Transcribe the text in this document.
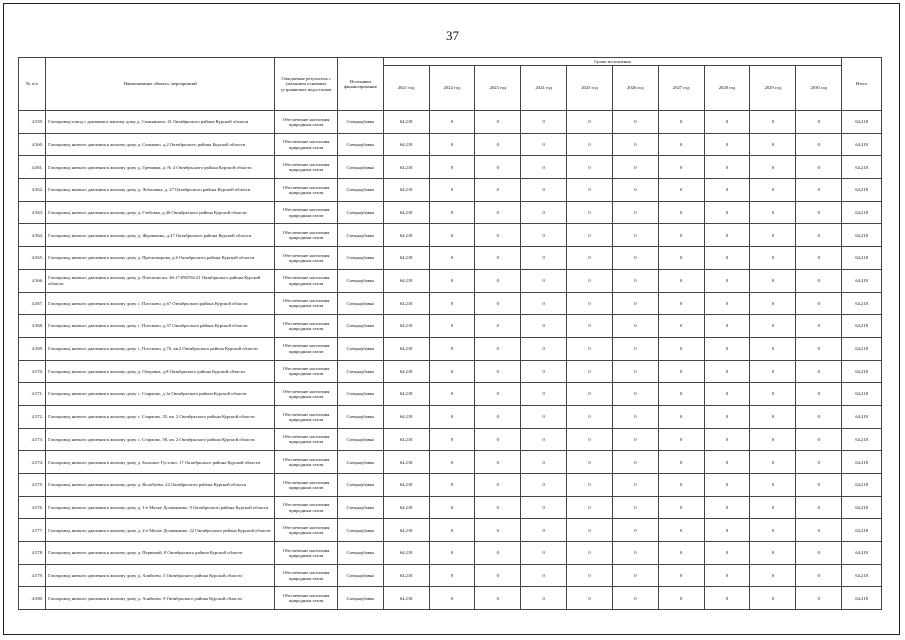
37
№ п/п	Наименование объекта, мероприятий	Ожидаемые результаты с указанием основных устраняемых недостатков	Источники финансирования	Сроки исполнения										Итого
				2021 год	2022 год	2023 год	2024 год	2025 год	2026 год	2027 год	2028 год	2029 год	2030 год	
4.559.	Газопровод-отвод с давления к жилому дому д. Сахнянских, 41 Октябрьского района Курской области	Обеспечение населения природным газом	Спецнадбавка	64,218	0	0	0	0	0	0	0	0	0	64,218
4.560.	Газопровод низкого давления к жилому дому д. Сеньково, д.2 Октябрьского района Курской области	Обеспечение населения природным газом	Спецнадбавка	64,218	0	0	0	0	0	0	0	0	0	64,218
4.561.	Газопровод низкого давления к жилому дому д. Гремячка, д. № 4 Октябрьского района Курской области	Обеспечение населения природным газом	Спецнадбавка	64,218	0	0	0	0	0	0	0	0	0	64,218
4.562.	Газопровод низкого давления к жилому дому д. Лобазовка, д. 27 Октябрьского района Курской области	Обеспечение населения природным газом	Спецнадбавка	64,218	0	0	0	0	0	0	0	0	0	64,218
4.563.	Газопровод низкого давления к жилому дому д. Глебовка, д.40 Октябрьского района Курской области	Обеспечение населения природным газом	Спецнадбавка	64,218	0	0	0	0	0	0	0	0	0	64,218
4.564.	Газопровод низкого давления к жилому дому д. Журавлино, д.27 Октябрьского района Курской области	Обеспечение населения природным газом	Спецнадбавка	64,218	0	0	0	0	0	0	0	0	0	64,218
4.565.	Газопровод низкого давления к жилому дому д. Преснокорова, д.6 Октябрьского района Курской области	Обеспечение населения природным газом	Спецнадбавка	64,218	0	0	0	0	0	0	0	0	0	64,218
4.566.	Газопровод низкого давления к жилому дому д. Плосково кн. 46:17:090704:21 Октябрьского района Курской области	Обеспечение населения природным газом	Спецнадбавка	64,218	0	0	0	0	0	0	0	0	0	64,218
4.567.	Газопровод низкого давления к жилому дому с. Плосково, д.67 Октябрьского района Курской области	Обеспечение населения природным газом	Спецнадбавка	64,218	0	0	0	0	0	0	0	0	0	64,218
4.568.	Газопровод низкого давления к жилому дому с. Плосково, д.57 Октябрьского района Курской области	Обеспечение населения природным газом	Спецнадбавка	64,218	0	0	0	0	0	0	0	0	0	64,218
4.569.	Газопровод низкого давления к жилому дому с. Плосково, д.7б, кв.2 Октябрьского района Курской области	Обеспечение населения природным газом	Спецнадбавка	64,218	0	0	0	0	0	0	0	0	0	64,218
4.570.	Газопровод низкого давления к жилому дому д. Озеровка, д.8 Октябрьского района Курской области	Обеспечение населения природным газом	Спецнадбавка	64,218	0	0	0	0	0	0	0	0	0	64,218
4.571.	Газопровод низкого давления к жилому дому с. Старково, д.1а Октябрьского района Курской области	Обеспечение населения природным газом	Спецнадбавка	64,218	0	0	0	0	0	0	0	0	0	64,218
4.572.	Газопровод низкого давления к жилому дому с. Старково, 35, кв. 2 Октябрьского района Курской области	Обеспечение населения природным газом	Спецнадбавка	64,218	0	0	0	0	0	0	0	0	0	64,218
4.573.	Газопровод низкого давления к жилому дому с. Старково, 58, кв. 2 Октябрьского района Курской области	Обеспечение населения природным газом	Спецнадбавка	64,218	0	0	0	0	0	0	0	0	0	64,218
4.574.	Газопровод низкого давления к жилому дому д. Большое Густомо, 17 Октябрьского района Курской области	Обеспечение населения природным газом	Спецнадбавка	64,218	0	0	0	0	0	0	0	0	0	64,218
4.575.	Газопровод низкого давления к жилому дому д. Волобуево, 22 Октябрьского района Курской области	Обеспечение населения природным газом	Спецнадбавка	64,218	0	0	0	0	0	0	0	0	0	64,218
4.576.	Газопровод низкого давления к жилому дому д. 1-е Малое Долженково, 9 Октябрьского района Курской области	Обеспечение населения природным газом	Спецнадбавка	64,218	0	0	0	0	0	0	0	0	0	64,218
4.577.	Газопровод низкого давления к жилому дому д. 2-е Малое Долженково, 22 Октябрьского района Курской области	Обеспечение населения природным газом	Спецнадбавка	64,218	0	0	0	0	0	0	0	0	0	64,218
4.578.	Газопровод низкого давления к жилому дому д. Первомай, 8 Октябрьского района Курской области	Обеспечение населения природным газом	Спецнадбавка	64,218	0	0	0	0	0	0	0	0	0	64,218
4.579.	Газопровод низкого давления к жилому дому д. Алябьево, 3 Октябрьского района Курской области	Обеспечение населения природным газом	Спецнадбавка	64,218	0	0	0	0	0	0	0	0	0	64,218
4.580.	Газопровод низкого давления к жилому дому д. Алябьево, 9 Октябрьского района Курской области	Обеспечение населения природным газом	Спецнадбавка	64,218	0	0	0	0	0	0	0	0	0	64,218
